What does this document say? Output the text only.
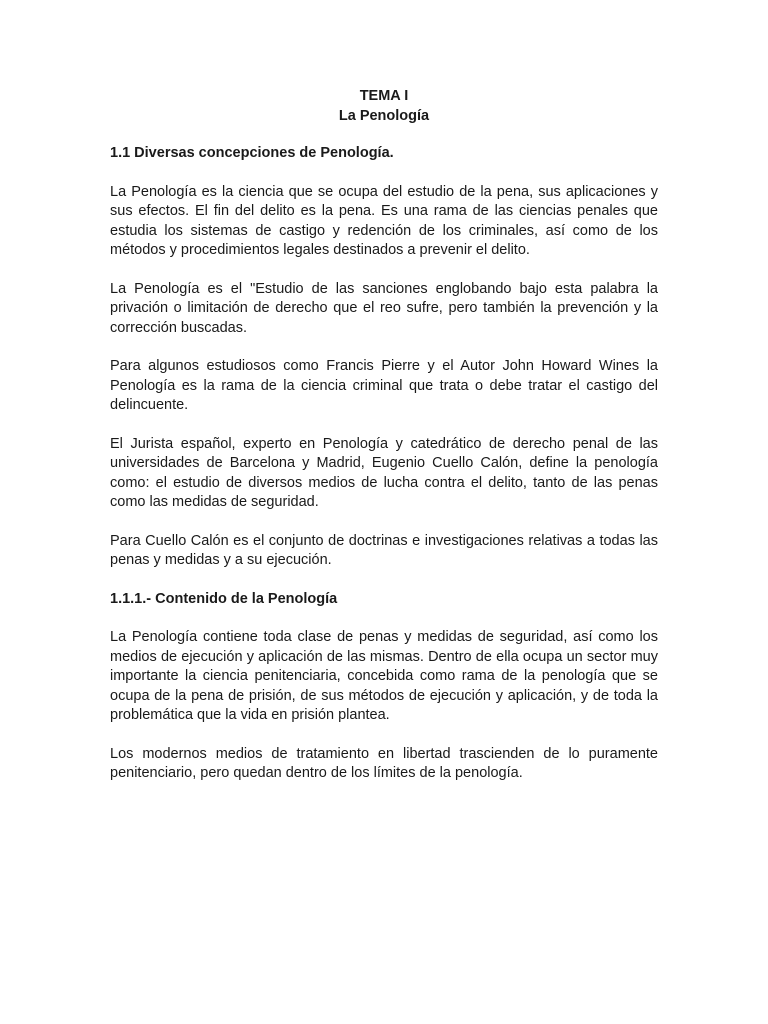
TEMA I
La Penología
1.1 Diversas concepciones de Penología.

La Penología es la ciencia que se ocupa del estudio de la pena, sus aplicaciones y sus efectos. El fin del delito es la pena. Es una rama de las ciencias penales que estudia los sistemas de castigo y redención de los criminales, así como de los métodos y procedimientos legales destinados a prevenir el delito.

La Penología es el "Estudio de las sanciones englobando bajo esta palabra la privación o limitación de derecho que el reo sufre, pero también la prevención y la corrección buscadas.

Para algunos estudiosos como Francis Pierre y el Autor John Howard Wines la Penología es la rama de la ciencia criminal que trata o debe tratar el castigo del delincuente.

El Jurista español, experto en Penología y catedrático de derecho penal de las universidades de Barcelona y Madrid, Eugenio Cuello Calón, define la penología como: el estudio de diversos medios de lucha contra el delito, tanto de las penas como las medidas de seguridad.

Para Cuello Calón es el conjunto de doctrinas e investigaciones relativas a todas las penas y medidas y a su ejecución.

1.1.1.- Contenido de la Penología

La Penología contiene toda clase de penas y medidas de seguridad, así como los medios de ejecución y aplicación de las mismas. Dentro de ella ocupa un sector muy importante la ciencia penitenciaria, concebida como rama de la penología que se ocupa de la pena de prisión, de sus métodos de ejecución y aplicación, y de toda la problemática que la vida en prisión plantea.

Los modernos medios de tratamiento en libertad trascienden de lo puramente penitenciario, pero quedan dentro de los límites de la penología.
